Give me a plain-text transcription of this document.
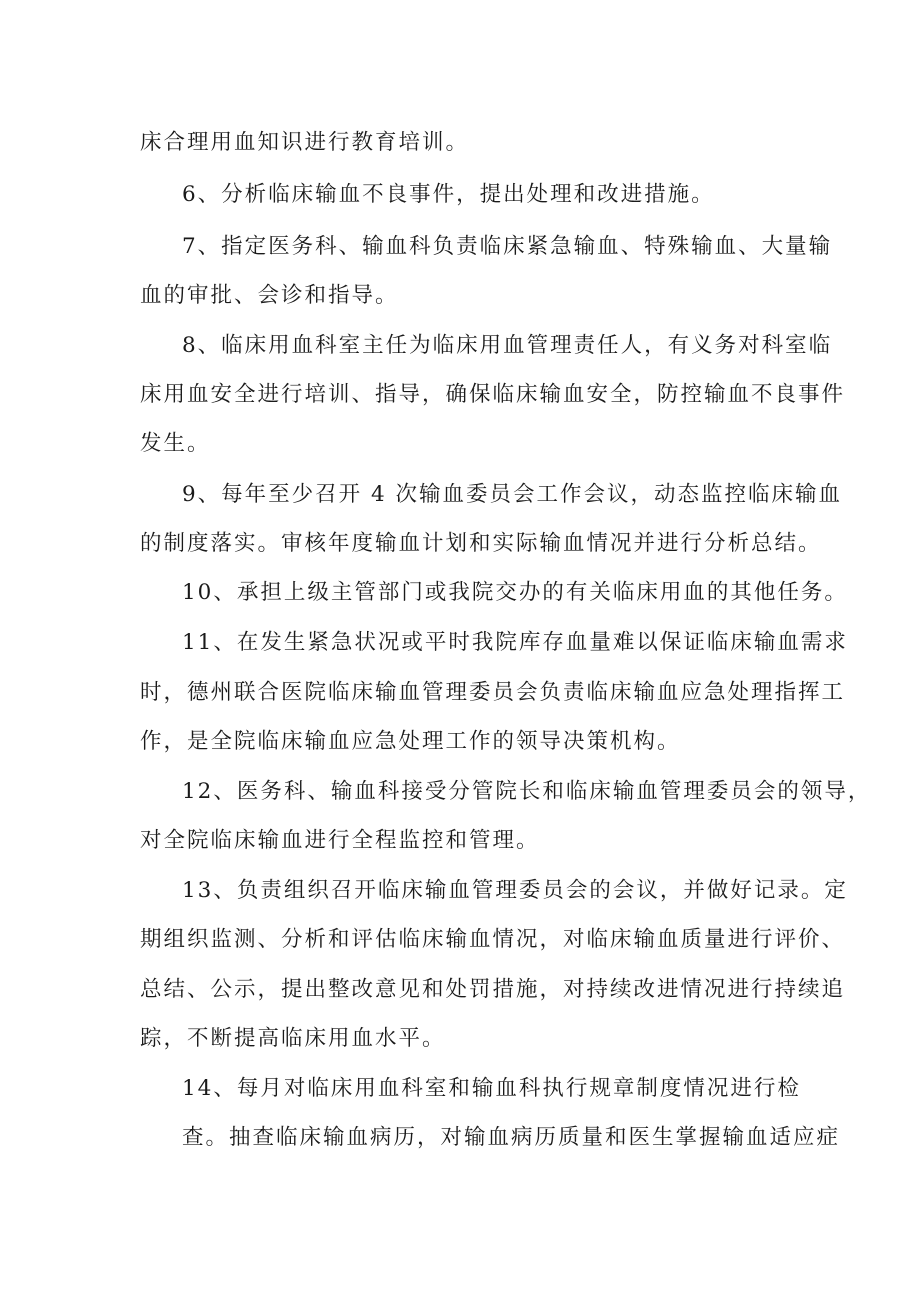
床合理用血知识进行教育培训。
6、分析临床输血不良事件，提出处理和改进措施。
7、指定医务科、输血科负责临床紧急输血、特殊输血、大量输
血的审批、会诊和指导。
8、临床用血科室主任为临床用血管理责任人，有义务对科室临
床用血安全进行培训、指导，确保临床输血安全，防控输血不良事件
发生。
9、每年至少召开 4 次输血委员会工作会议，动态监控临床输血
的制度落实。审核年度输血计划和实际输血情况并进行分析总结。
10、承担上级主管部门或我院交办的有关临床用血的其他任务。
11、在发生紧急状况或平时我院库存血量难以保证临床输血需求
时，德州联合医院临床输血管理委员会负责临床输血应急处理指挥工
作，是全院临床输血应急处理工作的领导决策机构。
12、医务科、输血科接受分管院长和临床输血管理委员会的领导，
对全院临床输血进行全程监控和管理。
13、负责组织召开临床输血管理委员会的会议，并做好记录。定
期组织监测、分析和评估临床输血情况，对临床输血质量进行评价、
总结、公示，提出整改意见和处罚措施，对持续改进情况进行持续追
踪，不断提高临床用血水平。
14、每月对临床用血科室和输血科执行规章制度情况进行检
查。抽查临床输血病历，对输血病历质量和医生掌握输血适应症
